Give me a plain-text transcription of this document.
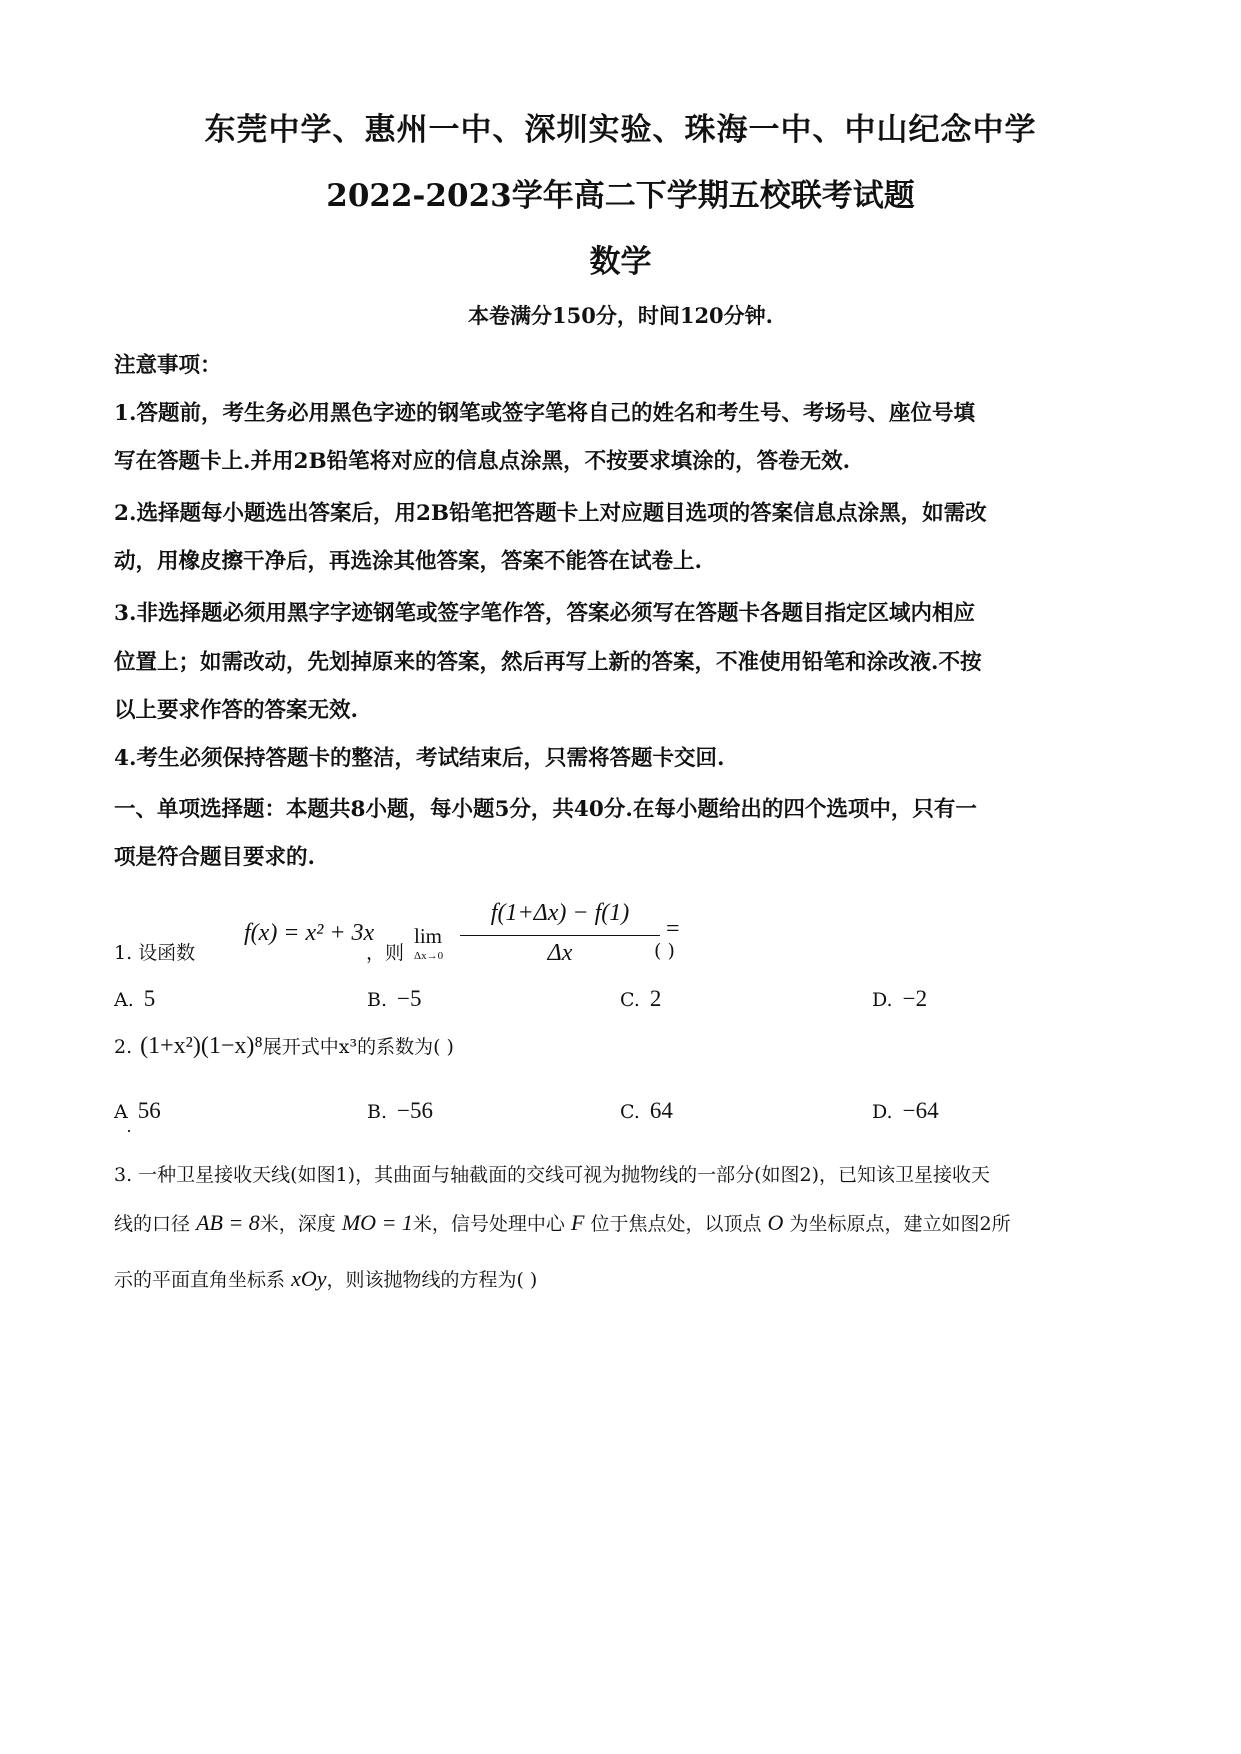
东莞中学、惠州一中、深圳实验、珠海一中、中山纪念中学
2022-2023学年高二下学期五校联考试题
数学
本卷满分150分，时间120分钟.
注意事项：
1.答题前，考生务必用黑色字迹的钢笔或签字笔将自己的姓名和考生号、考场号、座位号填
写在答题卡上.并用2B铅笔将对应的信息点涂黑，不按要求填涂的，答卷无效.
2.选择题每小题选出答案后，用2B铅笔把答题卡上对应题目选项的答案信息点涂黑，如需改
动，用橡皮擦干净后，再选涂其他答案，答案不能答在试卷上.
3.非选择题必须用黑字字迹钢笔或签字笔作答，答案必须写在答题卡各题目指定区域内相应
位置上；如需改动，先划掉原来的答案，然后再写上新的答案，不准使用铅笔和涂改液.不按
以上要求作答的答案无效.
4.考生必须保持答题卡的整洁，考试结束后，只需将答题卡交回.
一、单项选择题：本题共8小题，每小题5分，共40分.在每小题给出的四个选项中，只有一
项是符合题目要求的.
1. 设函数
f(x) = x² + 3x
，则
lim
Δx→0
f(1+Δx) − f(1)
Δx
=
( )
A. 5	B. −5	C. 2	D. −2
2. (1+x²)(1−x)⁸展开式中x³的系数为( )
A 56	B. −56	C. 64	D. −64
3. 一种卫星接收天线(如图1)，其曲面与轴截面的交线可视为抛物线的一部分(如图2)，已知该卫星接收天
线的口径 AB = 8米，深度 MO = 1米，信号处理中心 F 位于焦点处，以顶点 O 为坐标原点，建立如图2所
示的平面直角坐标系 xOy，则该抛物线的方程为( )
